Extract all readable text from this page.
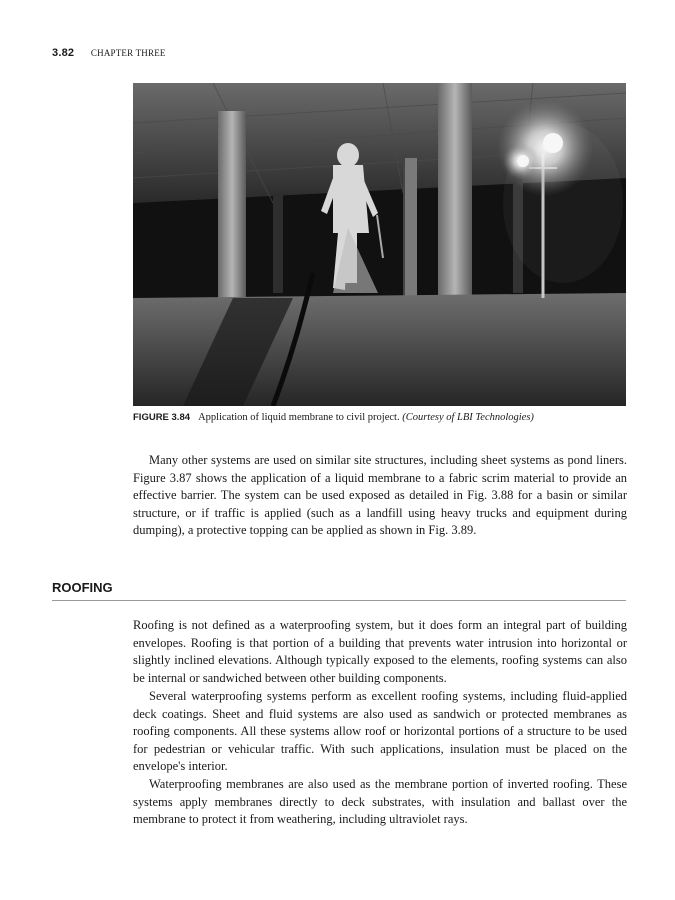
3.82 CHAPTER THREE
FIGURE 3.84 Application of liquid membrane to civil project. (Courtesy of LBI Technologies)

Many other systems are used on similar site structures, including sheet systems as pond liners. Figure 3.87 shows the application of a liquid membrane to a fabric scrim material to provide an effective barrier. The system can be used exposed as detailed in Fig. 3.88 for a basin or similar structure, or if traffic is applied (such as a landfill using heavy trucks and equipment during dumping), a protective topping can be applied as shown in Fig. 3.89.

ROOFING

Roofing is not defined as a waterproofing system, but it does form an integral part of building envelopes. Roofing is that portion of a building that prevents water intrusion into horizontal or slightly inclined elevations. Although typically exposed to the elements, roofing systems can also be internal or sandwiched between other building components.

Several waterproofing systems perform as excellent roofing systems, including fluid-applied deck coatings. Sheet and fluid systems are also used as sandwich or protected membranes as roofing components. All these systems allow roof or horizontal portions of a structure to be used for pedestrian or vehicular traffic. With such applications, insulation must be placed on the envelope's interior.

Waterproofing membranes are also used as the membrane portion of inverted roofing. These systems apply membranes directly to deck substrates, with insulation and ballast over the membrane to protect it from weathering, including ultraviolet rays.
